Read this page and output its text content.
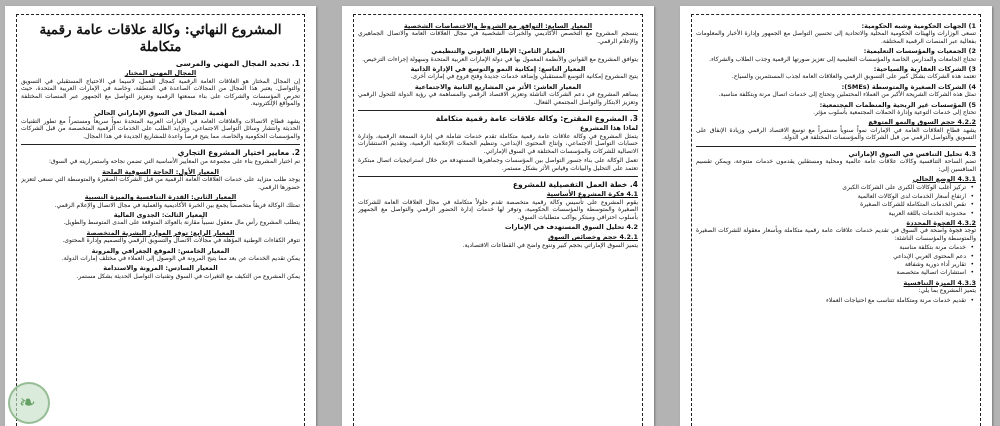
المشروع النهائي: وكالة علاقات عامة رقمية متكاملة
1. تحديد المجال المهني والمرسى
المجال المهني المختار

إن المجال المختار هو العلاقات العامة الرقمية كمجال للعمل، لاسيما في الاحتياج المستقبلي في التسويق والتواصل. يعتبر هذا المجال من المجالات الصاعدة في المنطقة، وخاصة في الإمارات العربية المتحدة، حيث تحرص المؤسسات والشركات على بناء سمعتها الرقمية وتعزيز التواصل مع الجمهور عبر المنصات المختلفة والمواقع الإلكترونية.

أهمية المجال في السوق الإماراتي الحالي

يشهد قطاع الاتصالات والعلاقات العامة في الإمارات العربية المتحدة نمواً سريعاً ومستمراً مع تطور التقنيات الحديثة وانتشار وسائل التواصل الاجتماعي، ويتزايد الطلب على الخدمات الرقمية المتخصصة من قبل الشركات والمؤسسات الحكومية والخاصة، مما يتيح فرصاً واعدة للمشاريع الجديدة في هذا المجال.

2. معايير اختيار المشروع التجاري

تم اختيار المشروع بناء على مجموعة من المعايير الأساسية التي تضمن نجاحه واستمراريته في السوق:

المعيار الأول: الحاجة السوقية الملحة

يوجد طلب متزايد على خدمات العلاقات العامة الرقمية من قبل الشركات الصغيرة والمتوسطة التي تسعى لتعزيز حضورها الرقمي.

المعيار الثاني: القدرة التنافسية والميزة النسبية

تمتلك الوكالة فريقاً متخصصاً يجمع بين الخبرة الأكاديمية والعملية في مجال الاتصال والإعلام الرقمي.

المعيار الثالث: الجدوى المالية

يتطلب المشروع رأس مال معقول نسبياً مقارنة بالعوائد المتوقعة على المدى المتوسط والطويل.

المعيار الرابع: توفر الموارد البشرية المتخصصة

تتوفر الكفاءات الوطنية المؤهلة في مجالات الاتصال والتسويق الرقمي والتصميم وإدارة المحتوى.

المعيار الخامس: الموقع الجغرافي والمرونة

يمكن تقديم الخدمات عن بعد مما يتيح المرونة في الوصول إلى العملاء في مختلف إمارات الدولة.

المعيار السادس: المرونة والاستدامة

يمكن المشروع من التكيف مع التغيرات في السوق وتقنيات التواصل الحديثة بشكل مستمر.

❧
المعيار السابع: التوافق مع الشروط والاختصاصات الشخصية

ينسجم المشروع مع التخصص الأكاديمي والخبرات الشخصية في مجال العلاقات العامة والاتصال الجماهيري والإعلام الرقمي.

المعيار الثامن: الإطار القانوني والتنظيمي

يتوافق المشروع مع القوانين والأنظمة المعمول بها في دولة الإمارات العربية المتحدة وسهولة إجراءات الترخيص.

المعيار التاسع: إمكانية النمو والتوسع في الإدارة الذاتية

يتيح المشروع إمكانية التوسع المستقبلي وإضافة خدمات جديدة وفتح فروع في إمارات أخرى.

المعيار العاشر: الأثر من المشاريع الثانية والاجتماعية

يساهم المشروع في دعم الشركات الناشئة وتعزيز الاقتصاد الرقمي والمساهمة في رؤية الدولة للتحول الرقمي وتعزيز الابتكار والتواصل المجتمعي الفعال.

3. المشروع المقترح: وكالة علاقات عامة رقمية متكاملة
لماذا هذا المشروع

يتمثل المشروع في وكالة علاقات عامة رقمية متكاملة تقدم خدمات شاملة في إدارة السمعة الرقمية، وإدارة حسابات التواصل الاجتماعي، وإنتاج المحتوى الإبداعي، وتنظيم الحملات الإعلامية الرقمية، وتقديم الاستشارات الاتصالية للشركات والمؤسسات المختلفة في السوق الإماراتي.

تعمل الوكالة على بناء جسور التواصل بين المؤسسات وجماهيرها المستهدفة من خلال استراتيجيات اتصال مبتكرة تعتمد على التحليل والبيانات وقياس الأثر بشكل مستمر.

4. خطة العمل التفصيلية للمشروع
4.1 فكرة المشروع الأساسية

يقوم المشروع على تأسيس وكالة رقمية متخصصة تقدم حلولاً متكاملة في مجال العلاقات العامة للشركات الصغيرة والمتوسطة والمؤسسات الحكومية، وتوفر لها خدمات إدارة الحضور الرقمي والتواصل مع الجمهور بأسلوب احترافي ومبتكر يواكب متطلبات السوق.

4.2 تحليل السوق المستهدف في الإمارات
4.2.1 حجم وخصائص السوق

يتميز السوق الإماراتي بحجم كبير وتنوع واضح في القطاعات الاقتصادية.

1) الجهات الحكومية وشبه الحكومية:

تسعى الوزارات والهيئات الحكومية المحلية والاتحادية إلى تحسين التواصل مع الجمهور وإدارة الأخبار والمعلومات بفعالية عبر المنصات الرقمية المختلفة.

2) الجمعيات والمؤسسات التعليمية:

تحتاج الجامعات والمدارس الخاصة والمؤسسات التعليمية إلى تعزيز صورتها الرقمية وجذب الطلاب والشركاء.

3) الشركات العقارية والسياحية:

تعتمد هذه الشركات بشكل كبير على التسويق الرقمي والعلاقات العامة لجذب المستثمرين والسياح.

4) الشركات الصغيرة والمتوسطة (SMEs):

تمثل هذه الشركات الشريحة الأكبر من العملاء المحتملين وتحتاج إلى خدمات اتصال مرنة وبتكلفة مناسبة.

5) المؤسسات غير الربحية والمنظمات المجتمعية:

تحتاج إلى خدمات التوعية وإدارة الحملات المجتمعية بأسلوب مؤثر.

4.2.2 حجم السوق والنمو المتوقع

يشهد قطاع العلاقات العامة في الإمارات نمواً سنوياً مستمراً مع توسع الاقتصاد الرقمي وزيادة الإنفاق على التسويق والتواصل الرقمي من قبل الشركات والمؤسسات المختلفة في الدولة.

4.3 تحليل التنافس في السوق الإماراتي

تضم الساحة التنافسية وكالات علاقات عامة عالمية ومحلية ومستقلين يقدمون خدمات متنوعة، ويمكن تقسيم المنافسين إلى:

4.3.1 الوضع الحالي
• تركيز أغلب الوكالات الكبرى على الشركات الكبرى
• ارتفاع أسعار الخدمات لدى الوكالات العالمية
• نقص الخدمات المتكاملة للشركات الصغيرة
• محدودية الخدمات باللغة العربية
4.3.2 الفجوة المحددة

توجد فجوة واضحة في السوق في تقديم خدمات علاقات عامة رقمية متكاملة وبأسعار معقولة للشركات الصغيرة والمتوسطة والمؤسسات الناشئة:

• خدمات مرنة بتكلفة مناسبة
• دعم المحتوى العربي الإبداعي
• تقارير أداء دورية وشفافة
• استشارات اتصالية متخصصة
4.3.3 الميزة التنافسية

يتميز المشروع بما يلي:

• تقديم خدمات مرنة ومتكاملة تتناسب مع احتياجات العملاء
